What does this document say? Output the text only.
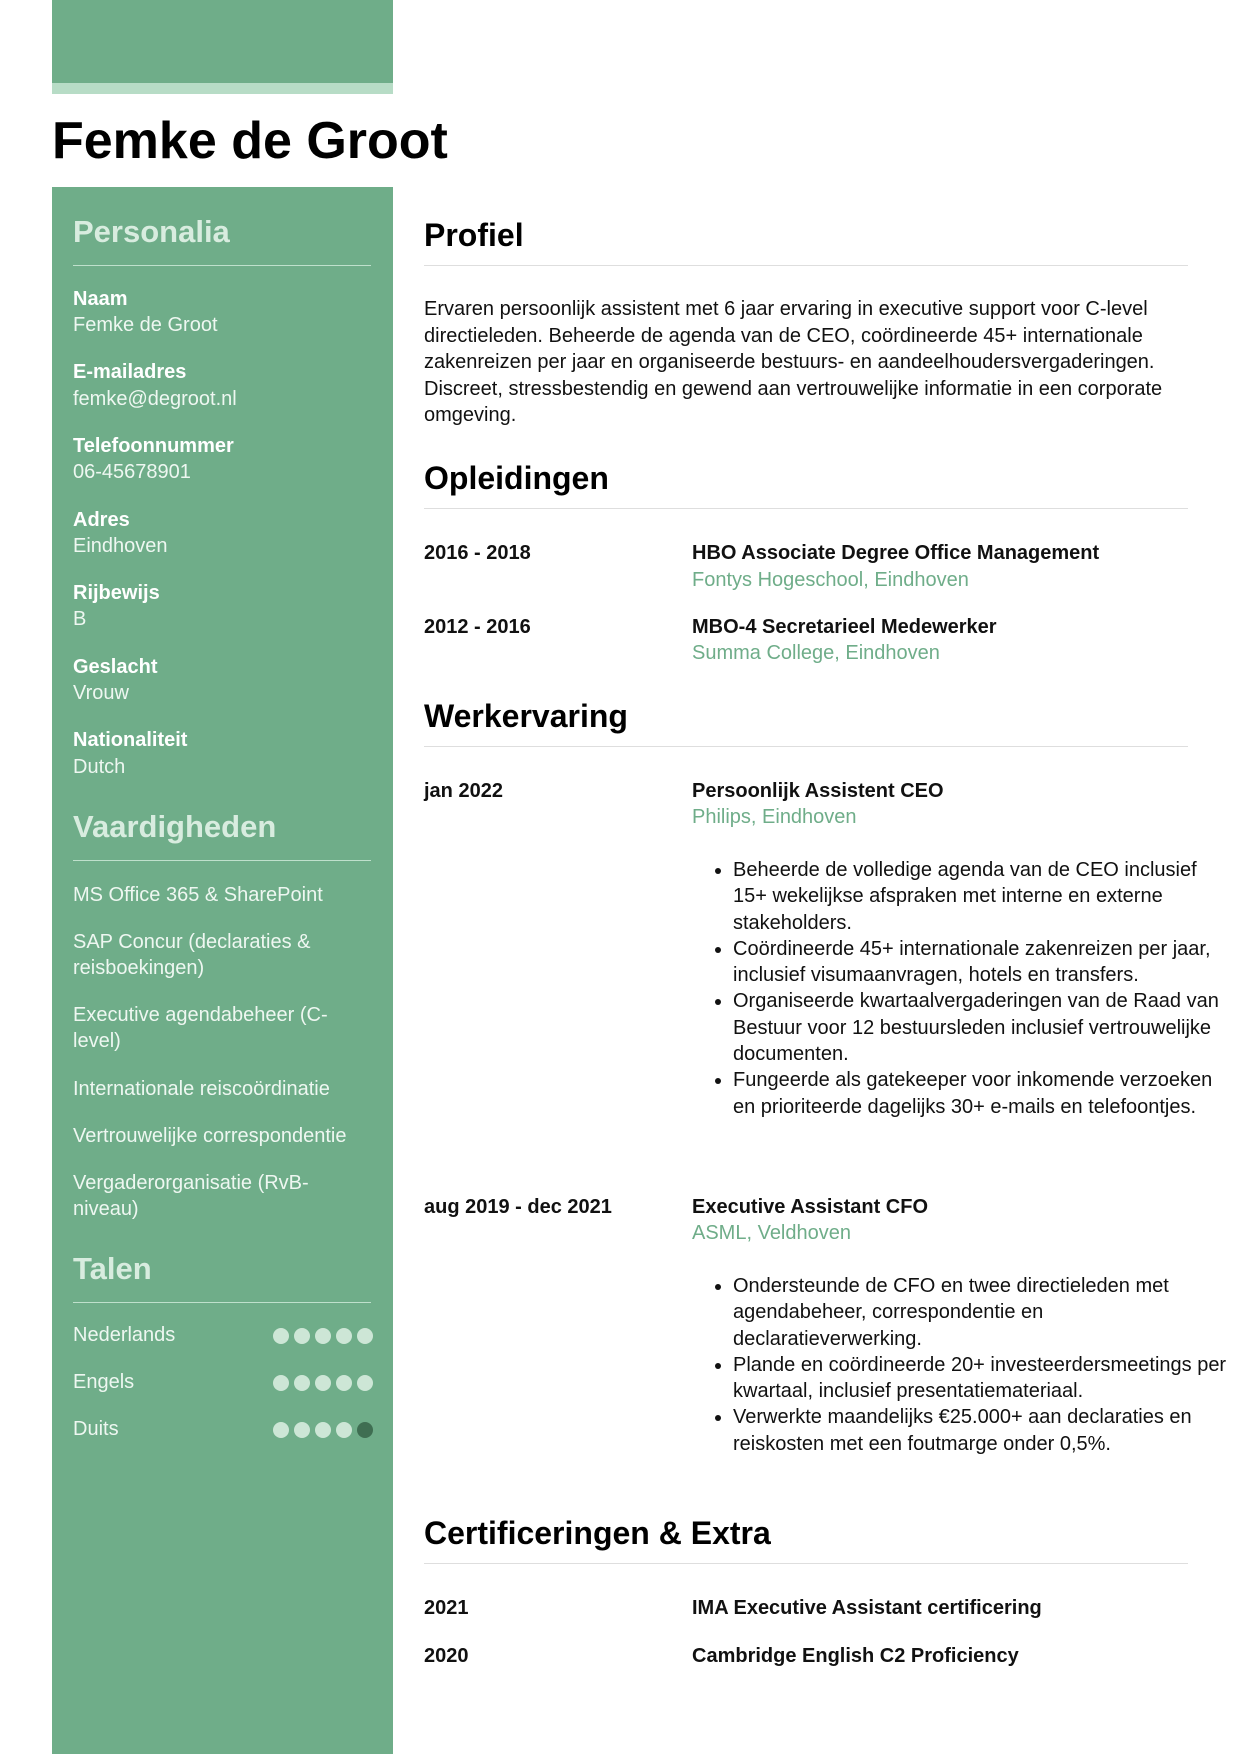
Femke de Groot
Personalia
Naam
Femke de Groot
E-mailadres
femke@degroot.nl
Telefoonnummer
06-45678901
Adres
Eindhoven
Rijbewijs
B
Geslacht
Vrouw
Nationaliteit
Dutch
Vaardigheden
MS Office 365 & SharePoint
SAP Concur (declaraties & reisboekingen)
Executive agendabeheer (C-level)
Internationale reiscoördinatie
Vertrouwelijke correspondentie
Vergaderorganisatie (RvB-niveau)
Talen
Nederlands
Engels
Duits
Profiel

Ervaren persoonlijk assistent met 6 jaar ervaring in executive support voor C-level directieleden. Beheerde de agenda van de CEO, coördineerde 45+ internationale zakenreizen per jaar en organiseerde bestuurs- en aandeelhoudersvergaderingen. Discreet, stressbestendig en gewend aan vertrouwelijke informatie in een corporate omgeving.

Opleidingen
2016 - 2018	HBO Associate Degree Office Management
Fontys Hogeschool, Eindhoven
2012 - 2016	MBO-4 Secretarieel Medewerker
Summa College, Eindhoven
Werkervaring
jan 2022	Persoonlijk Assistent CEO
Philips, Eindhoven
• Beheerde de volledige agenda van de CEO inclusief 15+ wekelijkse afspraken met interne en externe stakeholders.
• Coördineerde 45+ internationale zakenreizen per jaar, inclusief visumaanvragen, hotels en transfers.
• Organiseerde kwartaalvergaderingen van de Raad van Bestuur voor 12 bestuursleden inclusief vertrouwelijke documenten.
• Fungeerde als gatekeeper voor inkomende verzoeken en prioriteerde dagelijks 30+ e-mails en telefoontjes.
aug 2019 - dec 2021	Executive Assistant CFO
ASML, Veldhoven
• Ondersteunde de CFO en twee directieleden met agendabeheer, correspondentie en declaratieverwerking.
• Plande en coördineerde 20+ investeerdersmeetings per kwartaal, inclusief presentatiemateriaal.
• Verwerkte maandelijks €25.000+ aan declaraties en reiskosten met een foutmarge onder 0,5%.
Certificeringen & Extra
2021	IMA Executive Assistant certificering
2020	Cambridge English C2 Proficiency
